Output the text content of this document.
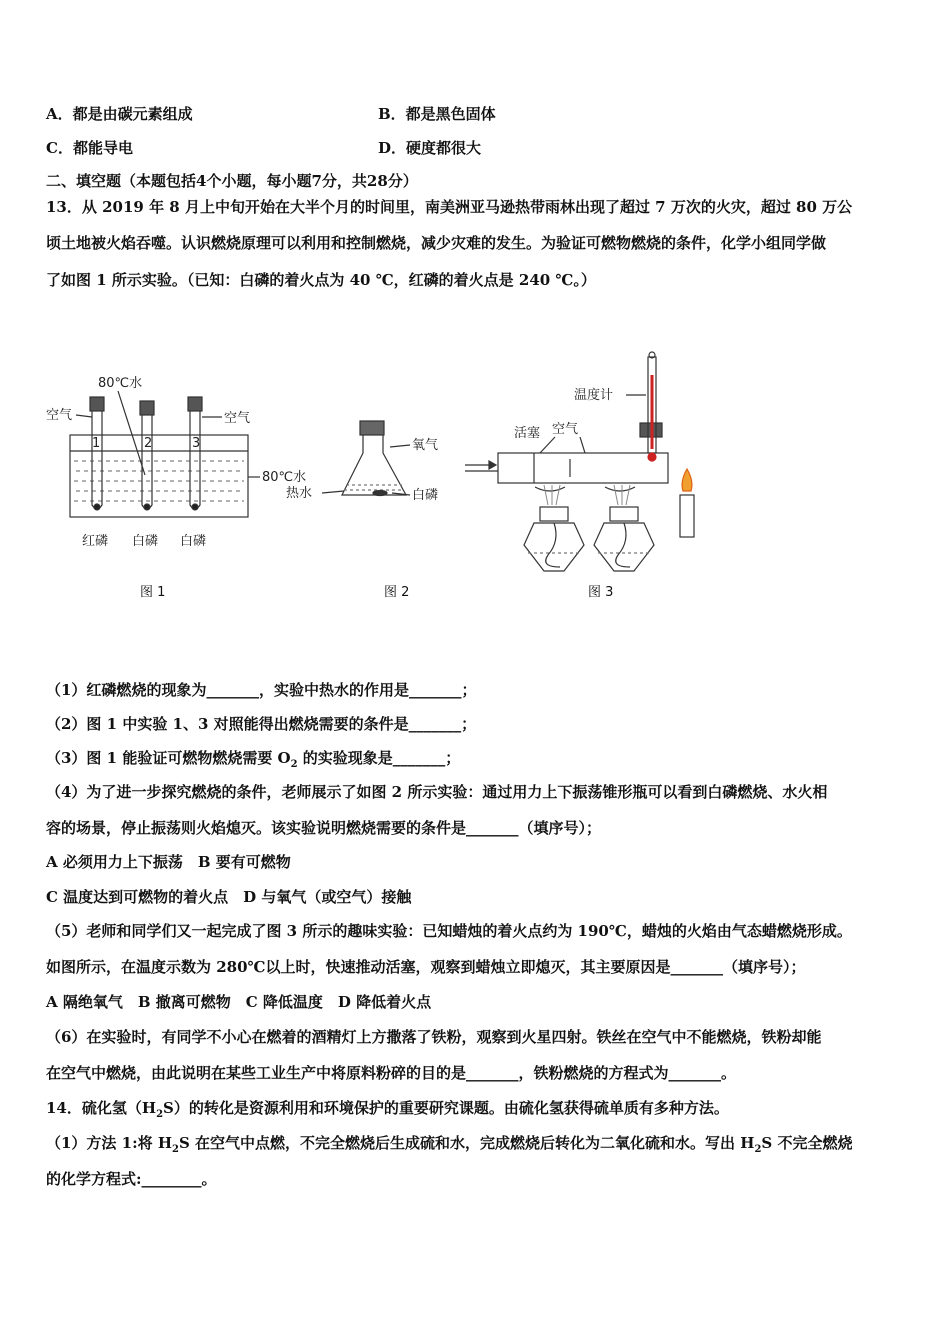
A．都是由碳元素组成	B．都是黑色固体
C．都能导电	D．硬度都很大
二、填空题（本题包括4个小题，每小题7分，共28分）
13．从 2019 年 8 月上中旬开始在大半个月的时间里，南美洲亚马逊热带雨林出现了超过 7 万次的火灾，超过 80 万公
顷土地被火焰吞噬。认识燃烧原理可以利用和控制燃烧，减少灾难的发生。为验证可燃物燃烧的条件，化学小组同学做
了如图 1 所示实验。（已知：白磷的着火点为 40 ℃，红磷的着火点是 240 ℃。）
80℃水
空气	空气
80℃水
1	2	3
红磷 白磷 白磷
氧气
热水	白磷
温度计
活塞 空气
图 1	图 2	图 3
（1）红磷燃烧的现象为_______，实验中热水的作用是_______；
（2）图 1 中实验 1、3 对照能得出燃烧需要的条件是_______；
（3）图 1 能验证可燃物燃烧需要 $O_2$ 的实验现象是_______；
（4）为了进一步探究燃烧的条件，老师展示了如图 2 所示实验：通过用力上下振荡锥形瓶可以看到白磷燃烧、水火相
容的场景，停止振荡则火焰熄灭。该实验说明燃烧需要的条件是_______（填序号）；
A 必须用力上下振荡　B 要有可燃物
C 温度达到可燃物的着火点　D 与氧气（或空气）接触
（5）老师和同学们又一起完成了图 3 所示的趣味实验：已知蜡烛的着火点约为 190℃，蜡烛的火焰由气态蜡燃烧形成。
如图所示，在温度示数为 280℃以上时，快速推动活塞，观察到蜡烛立即熄灭，其主要原因是_______（填序号）；
A 隔绝氧气　B 撤离可燃物　C 降低温度　D 降低着火点
（6）在实验时，有同学不小心在燃着的酒精灯上方撒落了铁粉，观察到火星四射。铁丝在空气中不能燃烧，铁粉却能
在空气中燃烧，由此说明在某些工业生产中将原料粉碎的目的是_______，铁粉燃烧的方程式为_______。
14．硫化氢$(H_2S)$的转化是资源利用和环境保护的重要研究课题。由硫化氢获得硫单质有多种方法。
（1）方法 1:将 $H_2S$ 在空气中点燃，不完全燃烧后生成硫和水，完成燃烧后转化为二氧化硫和水。写出 $H_2S$ 不完全燃烧
的化学方程式:________。
